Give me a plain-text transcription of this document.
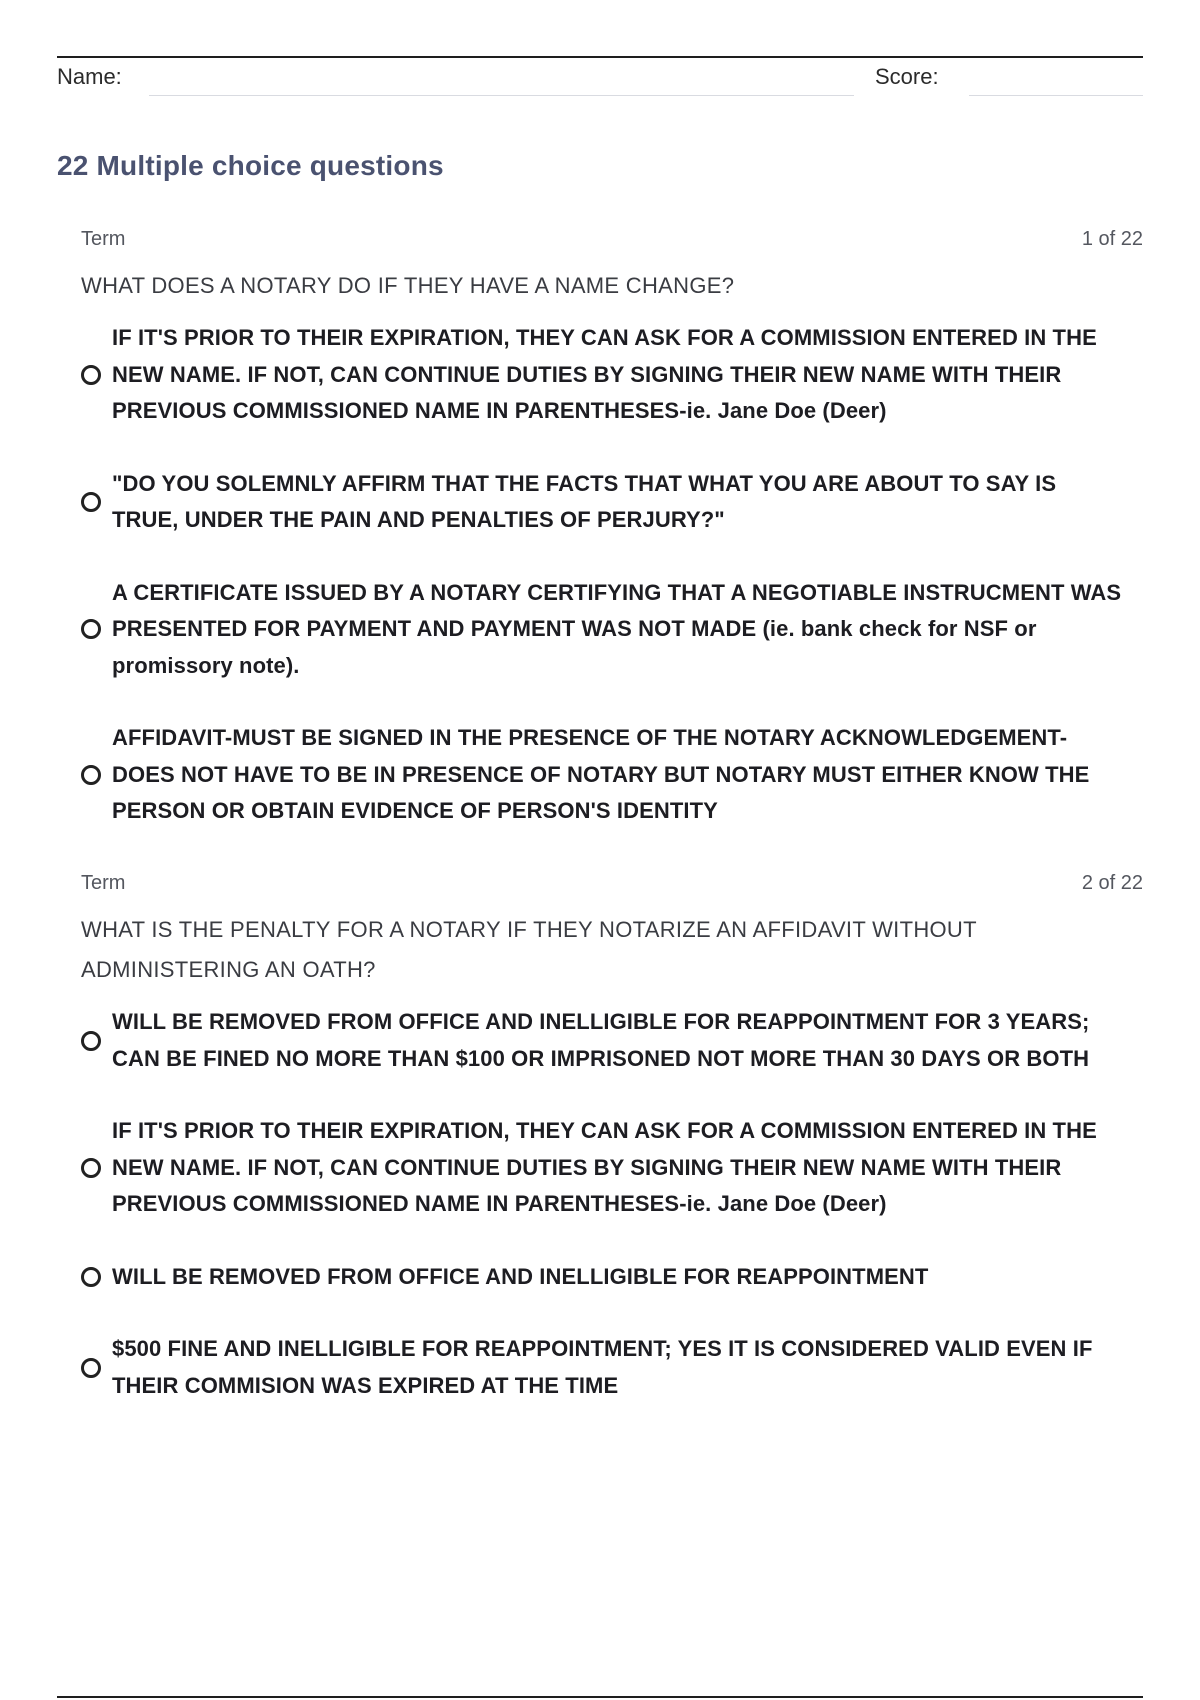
Name:	Score:
22 Multiple choice questions
Term	1 of 22
WHAT DOES A NOTARY DO IF THEY HAVE A NAME CHANGE?
IF IT'S PRIOR TO THEIR EXPIRATION, THEY CAN ASK FOR A COMMISSION ENTERED IN THE NEW NAME. IF NOT, CAN CONTINUE DUTIES BY SIGNING THEIR NEW NAME WITH THEIR PREVIOUS COMMISSIONED NAME IN PARENTHESES-ie. Jane Doe (Deer)
"DO YOU SOLEMNLY AFFIRM THAT THE FACTS THAT WHAT YOU ARE ABOUT TO SAY IS TRUE, UNDER THE PAIN AND PENALTIES OF PERJURY?"
A CERTIFICATE ISSUED BY A NOTARY CERTIFYING THAT A NEGOTIABLE INSTRUCMENT WAS PRESENTED FOR PAYMENT AND PAYMENT WAS NOT MADE (ie. bank check for NSF or promissory note).
AFFIDAVIT-MUST BE SIGNED IN THE PRESENCE OF THE NOTARY ACKNOWLEDGEMENT-DOES NOT HAVE TO BE IN PRESENCE OF NOTARY BUT NOTARY MUST EITHER KNOW THE PERSON OR OBTAIN EVIDENCE OF PERSON'S IDENTITY
Term	2 of 22
WHAT IS THE PENALTY FOR A NOTARY IF THEY NOTARIZE AN AFFIDAVIT WITHOUT ADMINISTERING AN OATH?
WILL BE REMOVED FROM OFFICE AND INELLIGIBLE FOR REAPPOINTMENT FOR 3 YEARS; CAN BE FINED NO MORE THAN $100 OR IMPRISONED NOT MORE THAN 30 DAYS OR BOTH
IF IT'S PRIOR TO THEIR EXPIRATION, THEY CAN ASK FOR A COMMISSION ENTERED IN THE NEW NAME. IF NOT, CAN CONTINUE DUTIES BY SIGNING THEIR NEW NAME WITH THEIR PREVIOUS COMMISSIONED NAME IN PARENTHESES-ie. Jane Doe (Deer)
WILL BE REMOVED FROM OFFICE AND INELLIGIBLE FOR REAPPOINTMENT
$500 FINE AND INELLIGIBLE FOR REAPPOINTMENT; YES IT IS CONSIDERED VALID EVEN IF THEIR COMMISION WAS EXPIRED AT THE TIME
